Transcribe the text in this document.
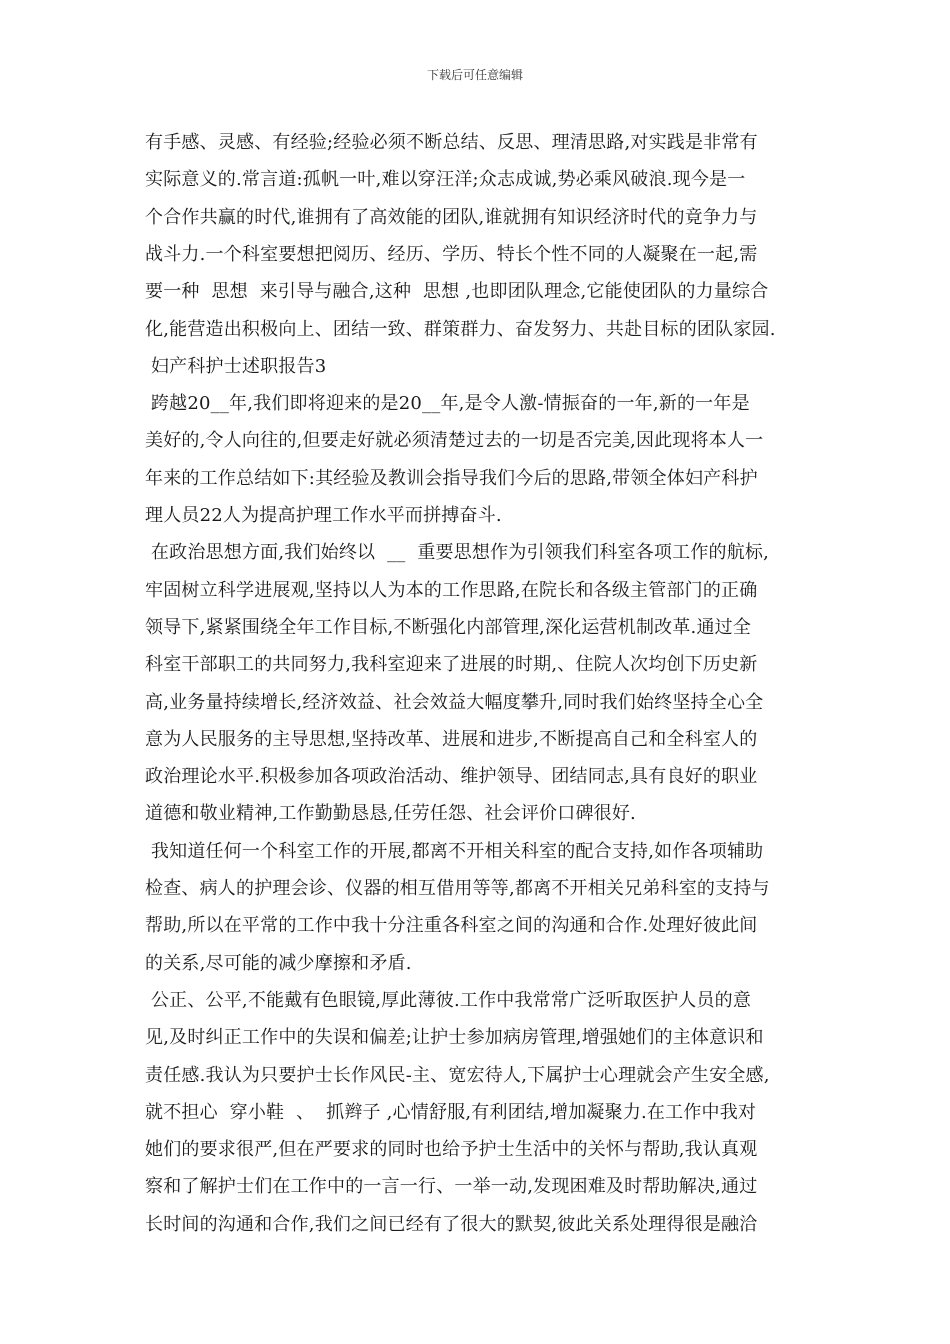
下载后可任意编辑
有手感、灵感、有经验;经验必须不断总结、反思、理清思路,对实践是非常有
实际意义的.常言道:孤帆一叶,难以穿汪洋;众志成诚,势必乘风破浪.现今是一
个合作共赢的时代,谁拥有了高效能的团队,谁就拥有知识经济时代的竟争力与
战斗力.一个科室要想把阅历、经历、学历、特长个性不同的人凝聚在一起,需
要一种  思想  来引导与融合,这种  思想 ,也即团队理念,它能使团队的力量综合
化,能营造出积极向上、团结一致、群策群力、奋发努力、共赴目标的团队家园.
妇产科护士述职报告3
跨越20__年,我们即将迎来的是20__年,是令人激-情振奋的一年,新的一年是
美好的,令人向往的,但要走好就必须清楚过去的一切是否完美,因此现将本人一
年来的工作总结如下:其经验及教训会指导我们今后的思路,带领全体妇产科护
理人员22人为提高护理工作水平而拼搏奋斗.
在政治思想方面,我们始终以  __  重要思想作为引领我们科室各项工作的航标,
牢固树立科学进展观,坚持以人为本的工作思路,在院长和各级主管部门的正确
领导下,紧紧围绕全年工作目标,不断强化内部管理,深化运营机制改革.通过全
科室干部职工的共同努力,我科室迎来了进展的时期,、住院人次均创下历史新
高,业务量持续增长,经济效益、社会效益大幅度攀升,同时我们始终坚持全心全
意为人民服务的主导思想,坚持改革、进展和进步,不断提高自己和全科室人的
政治理论水平.积极参加各项政治活动、维护领导、团结同志,具有良好的职业
道德和敬业精神,工作勤勤恳恳,任劳任怨、社会评价口碑很好.
我知道任何一个科室工作的开展,都离不开相关科室的配合支持,如作各项辅助
检查、病人的护理会诊、仪器的相互借用等等,都离不开相关兄弟科室的支持与
帮助,所以在平常的工作中我十分注重各科室之间的沟通和合作.处理好彼此间
的关系,尽可能的减少摩擦和矛盾.
公正、公平,不能戴有色眼镜,厚此薄彼.工作中我常常广泛听取医护人员的意
见,及时纠正工作中的失误和偏差;让护士参加病房管理,增强她们的主体意识和
责任感.我认为只要护士长作风民-主、宽宏待人,下属护士心理就会产生安全感,
就不担心  穿小鞋  、  抓辫子 ,心情舒服,有利团结,增加凝聚力.在工作中我对
她们的要求很严,但在严要求的同时也给予护士生活中的关怀与帮助,我认真观
察和了解护士们在工作中的一言一行、一举一动,发现困难及时帮助解决,通过
长时间的沟通和合作,我们之间已经有了很大的默契,彼此关系处理得很是融洽
